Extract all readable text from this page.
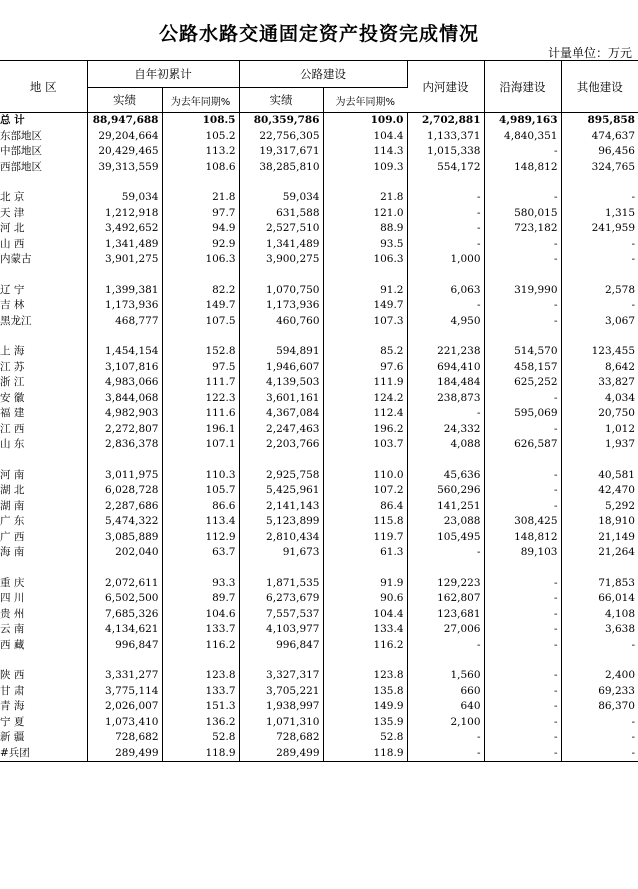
公路水路交通固定资产投资完成情况
计量单位：万元
地 区	自年初累计		公路建设		内河建设	沿海建设	其他建设
	实绩	为去年同期%	实绩	为去年同期%			
总 计	88,947,688	108.5	80,359,786	109.0	2,702,881	4,989,163	895,858
东部地区	29,204,664	105.2	22,756,305	104.4	1,133,371	4,840,351	474,637
中部地区	20,429,465	113.2	19,317,671	114.3	1,015,338	-	96,456
西部地区	39,313,559	108.6	38,285,810	109.3	554,172	148,812	324,765

北 京	59,034	21.8	59,034	21.8	-	-	-
天 津	1,212,918	97.7	631,588	121.0	-	580,015	1,315
河 北	3,492,652	94.9	2,527,510	88.9	-	723,182	241,959
山 西	1,341,489	92.9	1,341,489	93.5	-	-	-
内蒙古	3,901,275	106.3	3,900,275	106.3	1,000	-	-

辽 宁	1,399,381	82.2	1,070,750	91.2	6,063	319,990	2,578
吉 林	1,173,936	149.7	1,173,936	149.7	-	-	-
黑龙江	468,777	107.5	460,760	107.3	4,950	-	3,067

上 海	1,454,154	152.8	594,891	85.2	221,238	514,570	123,455
江 苏	3,107,816	97.5	1,946,607	97.6	694,410	458,157	8,642
浙 江	4,983,066	111.7	4,139,503	111.9	184,484	625,252	33,827
安 徽	3,844,068	122.3	3,601,161	124.2	238,873	-	4,034
福 建	4,982,903	111.6	4,367,084	112.4	-	595,069	20,750
江 西	2,272,807	196.1	2,247,463	196.2	24,332	-	1,012
山 东	2,836,378	107.1	2,203,766	103.7	4,088	626,587	1,937

河 南	3,011,975	110.3	2,925,758	110.0	45,636	-	40,581
湖 北	6,028,728	105.7	5,425,961	107.2	560,296	-	42,470
湖 南	2,287,686	86.6	2,141,143	86.4	141,251	-	5,292
广 东	5,474,322	113.4	5,123,899	115.8	23,088	308,425	18,910
广 西	3,085,889	112.9	2,810,434	119.7	105,495	148,812	21,149
海 南	202,040	63.7	91,673	61.3	-	89,103	21,264

重 庆	2,072,611	93.3	1,871,535	91.9	129,223	-	71,853
四 川	6,502,500	89.7	6,273,679	90.6	162,807	-	66,014
贵 州	7,685,326	104.6	7,557,537	104.4	123,681	-	4,108
云 南	4,134,621	133.7	4,103,977	133.4	27,006	-	3,638
西 藏	996,847	116.2	996,847	116.2	-	-	-

陕 西	3,331,277	123.8	3,327,317	123.8	1,560	-	2,400
甘 肃	3,775,114	133.7	3,705,221	135.8	660	-	69,233
青 海	2,026,007	151.3	1,938,997	149.9	640	-	86,370
宁 夏	1,073,410	136.2	1,071,310	135.9	2,100	-	-
新 疆	728,682	52.8	728,682	52.8	-	-	-
#兵团	289,499	118.9	289,499	118.9	-	-	-
